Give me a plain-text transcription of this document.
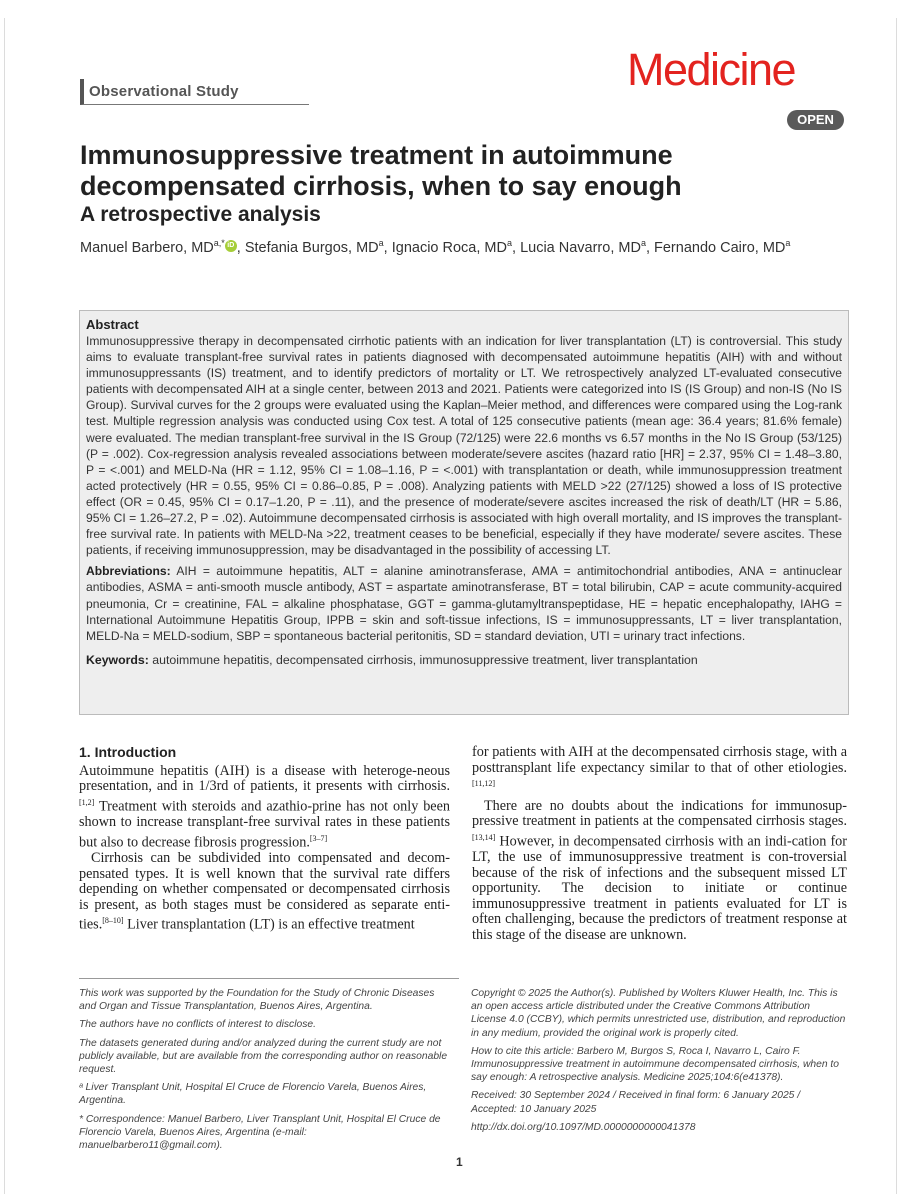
Observational Study	Medicine
OPEN
Immunosuppressive treatment in autoimmune decompensated cirrhosis, when to say enough
A retrospective analysis
Manuel Barbero, $MD^{a,*}$ iD , Stefania Burgos, $MD^a$, Ignacio Roca, $MD^a$, Lucia Navarro, $MD^a$, Fernando Cairo, $MD^a$
Abstract

Immunosuppressive therapy in decompensated cirrhotic patients with an indication for liver transplantation (LT) is controversial. This study aims to evaluate transplant-free survival rates in patients diagnosed with decompensated autoimmune hepatitis (AIH) with and without immunosuppressants (IS) treatment, and to identify predictors of mortality or LT. We retrospectively analyzed LT-evaluated consecutive patients with decompensated AIH at a single center, between 2013 and 2021. Patients were categorized into IS (IS Group) and non-IS (No IS Group). Survival curves for the 2 groups were evaluated using the Kaplan–Meier method, and differences were compared using the Log-rank test. Multiple regression analysis was conducted using Cox test. A total of 125 consecutive patients (mean age: 36.4 years; 81.6% female) were evaluated. The median transplant-free survival in the IS Group (72/125) were 22.6 months vs 6.57 months in the No IS Group (53/125) (P = .002). Cox-regression analysis revealed associations between moderate/severe ascites (hazard ratio [HR] = 2.37, 95% CI = 1.48–3.80, P = <.001) and MELD-Na (HR = 1.12, 95% CI = 1.08–1.16, P = <.001) with transplantation or death, while immunosuppression treatment acted protectively (HR = 0.55, 95% CI = 0.86–0.85, P = .008). Analyzing patients with MELD >22 (27/125) showed a loss of IS protective effect (OR = 0.45, 95% CI = 0.17–1.20, P = .11), and the presence of moderate/severe ascites increased the risk of death/LT (HR = 5.86, 95% CI = 1.26–27.2, P = .02). Autoimmune decompensated cirrhosis is associated with high overall mortality, and IS improves the transplant-free survival rate. In patients with MELD-Na >22, treatment ceases to be beneficial, especially if they have moderate/ severe ascites. These patients, if receiving immunosuppression, may be disadvantaged in the possibility of accessing LT.

Abbreviations: AIH = autoimmune hepatitis, ALT = alanine aminotransferase, AMA = antimitochondrial antibodies, ANA = antinuclear antibodies, ASMA = anti-smooth muscle antibody, AST = aspartate aminotransferase, BT = total bilirubin, CAP = acute community-acquired pneumonia, Cr = creatinine, FAL = alkaline phosphatase, GGT = gamma-glutamyltranspeptidase, HE = hepatic encephalopathy, IAHG = International Autoimmune Hepatitis Group, IPPB = skin and soft-tissue infections, IS = immunosuppressants, LT = liver transplantation, MELD-Na = MELD-sodium, SBP = spontaneous bacterial peritonitis, SD = standard deviation, UTI = urinary tract infections.
Keywords: autoimmune hepatitis, decompensated cirrhosis, immunosuppressive treatment, liver transplantation
1. Introduction

Autoimmune hepatitis (AIH) is a disease with heteroge-neous presentation, and in 1/3rd of patients, it presents with cirrhosis.[1,2] Treatment with steroids and azathio-prine has not only been shown to increase transplant-free survival rates in these patients but also to decrease fibrosis progression.[3–7]

Cirrhosis can be subdivided into compensated and decom-pensated types. It is well known that the survival rate differs depending on whether compensated or decompensated cirrhosis is present, as both stages must be considered as separate enti-ties.[8–10] Liver transplantation (LT) is an effective treatment

for patients with AIH at the decompensated cirrhosis stage, with a posttransplant life expectancy similar to that of other etiologies.[11,12]

There are no doubts about the indications for immunosup-pressive treatment in patients at the compensated cirrhosis stages.[13,14] However, in decompensated cirrhosis with an indi-cation for LT, the use of immunosuppressive treatment is con-troversial because of the risk of infections and the subsequent missed LT opportunity. The decision to initiate or continue immunosuppressive treatment in patients evaluated for LT is often challenging, because the predictors of treatment response at this stage of the disease are unknown.

This work was supported by the Foundation for the Study of Chronic Diseases and Organ and Tissue Transplantation, Buenos Aires, Argentina.

The authors have no conflicts of interest to disclose.

The datasets generated during and/or analyzed during the current study are not publicly available, but are available from the corresponding author on reasonable request.

ᵃ Liver Transplant Unit, Hospital El Cruce de Florencio Varela, Buenos Aires, Argentina.

* Correspondence: Manuel Barbero, Liver Transplant Unit, Hospital El Cruce de Florencio Varela, Buenos Aires, Argentina (e-mail: manuelbarbero11@gmail.com).

Copyright © 2025 the Author(s). Published by Wolters Kluwer Health, Inc. This is an open access article distributed under the Creative Commons Attribution License 4.0 (CCBY), which permits unrestricted use, distribution, and reproduction in any medium, provided the original work is properly cited.

How to cite this article: Barbero M, Burgos S, Roca I, Navarro L, Cairo F. Immunosuppressive treatment in autoimmune decompensated cirrhosis, when to say enough: A retrospective analysis. Medicine 2025;104:6(e41378).

Received: 30 September 2024 / Received in final form: 6 January 2025 / Accepted: 10 January 2025

http://dx.doi.org/10.1097/MD.0000000000041378

1
